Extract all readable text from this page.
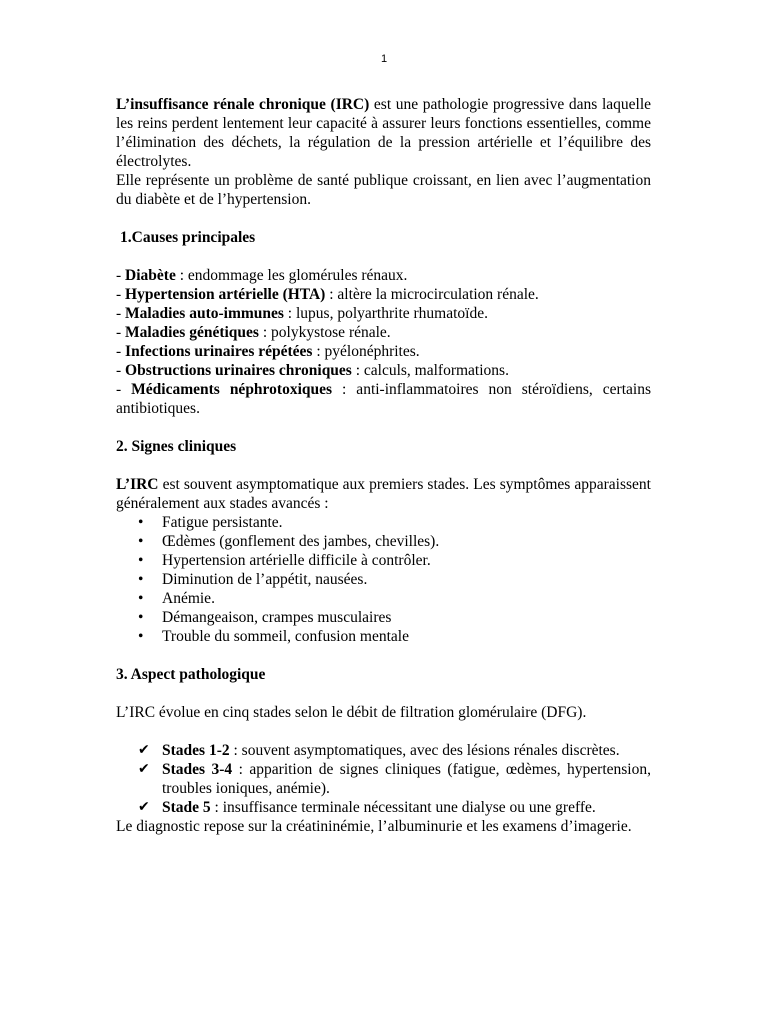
1

L’insuffisance rénale chronique (IRC) est une pathologie progressive dans laquelle les reins perdent lentement leur capacité à assurer leurs fonctions essentielles, comme l’élimination des déchets, la régulation de la pression artérielle et l’équilibre des électrolytes.

Elle représente un problème de santé publique croissant, en lien avec l’augmentation du diabète et de l’hypertension.

1.Causes principales

- Diabète : endommage les glomérules rénaux.

- Hypertension artérielle (HTA) : altère la microcirculation rénale.

- Maladies auto-immunes : lupus, polyarthrite rhumatoïde.

- Maladies génétiques : polykystose rénale.

- Infections urinaires répétées : pyélonéphrites.

- Obstructions urinaires chroniques : calculs, malformations.

- Médicaments néphrotoxiques : anti-inflammatoires non stéroïdiens, certains antibiotiques.

2. Signes cliniques

L’IRC est souvent asymptomatique aux premiers stades. Les symptômes apparaissent généralement aux stades avancés :

• Fatigue persistante.
• Œdèmes (gonflement des jambes, chevilles).
• Hypertension artérielle difficile à contrôler.
• Diminution de l’appétit, nausées.
• Anémie.
• Démangeaison, crampes musculaires
• Trouble du sommeil, confusion mentale

3. Aspect pathologique

L’IRC évolue en cinq stades selon le débit de filtration glomérulaire (DFG).

✔ Stades 1-2 : souvent asymptomatiques, avec des lésions rénales discrètes.
✔ Stades 3-4 : apparition de signes cliniques (fatigue, œdèmes, hypertension, troubles ioniques, anémie).
✔ Stade 5 : insuffisance terminale nécessitant une dialyse ou une greffe.

Le diagnostic repose sur la créatininémie, l’albuminurie et les examens d’imagerie.
